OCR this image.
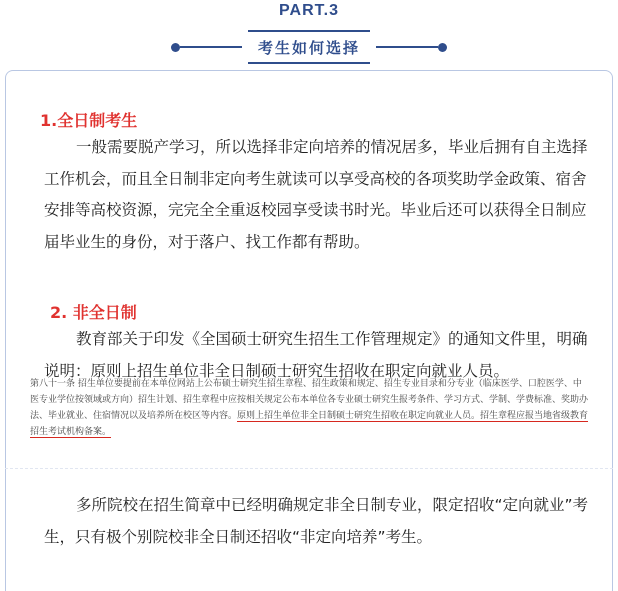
PART.3
考生如何选择
1.全日制考生

一般需要脱产学习，所以选择非定向培养的情况居多，毕业后拥有自主选择工作机会，而且全日制非定向考生就读可以享受高校的各项奖助学金政策、宿舍安排等高校资源，完完全全重返校园享受读书时光。毕业后还可以获得全日制应届毕业生的身份，对于落户、找工作都有帮助。

2. 非全日制

教育部关于印发《全国硕士研究生招生工作管理规定》的通知文件里，明确说明：原则上招生单位非全日制硕士研究生招收在职定向就业人员。

第八十一条 招生单位要提前在本单位网站上公布硕士研究生招生章程、招生政策和规定、招生专业目录和分专业（临床医学、口腔医学、中医专业学位按领域或方向）招生计划、招生章程中应按相关规定公布本单位各专业硕士研究生报考条件、学习方式、学制、学费标准、奖助办法、毕业就业、住宿情况以及培养所在校区等内容。原则上招生单位非全日制硕士研究生招收在职定向就业人员。招生章程应报当地省级教育招生考试机构备案。

多所院校在招生简章中已经明确规定非全日制专业，限定招收“定向就业”考生，只有极个别院校非全日制还招收“非定向培养”考生。
